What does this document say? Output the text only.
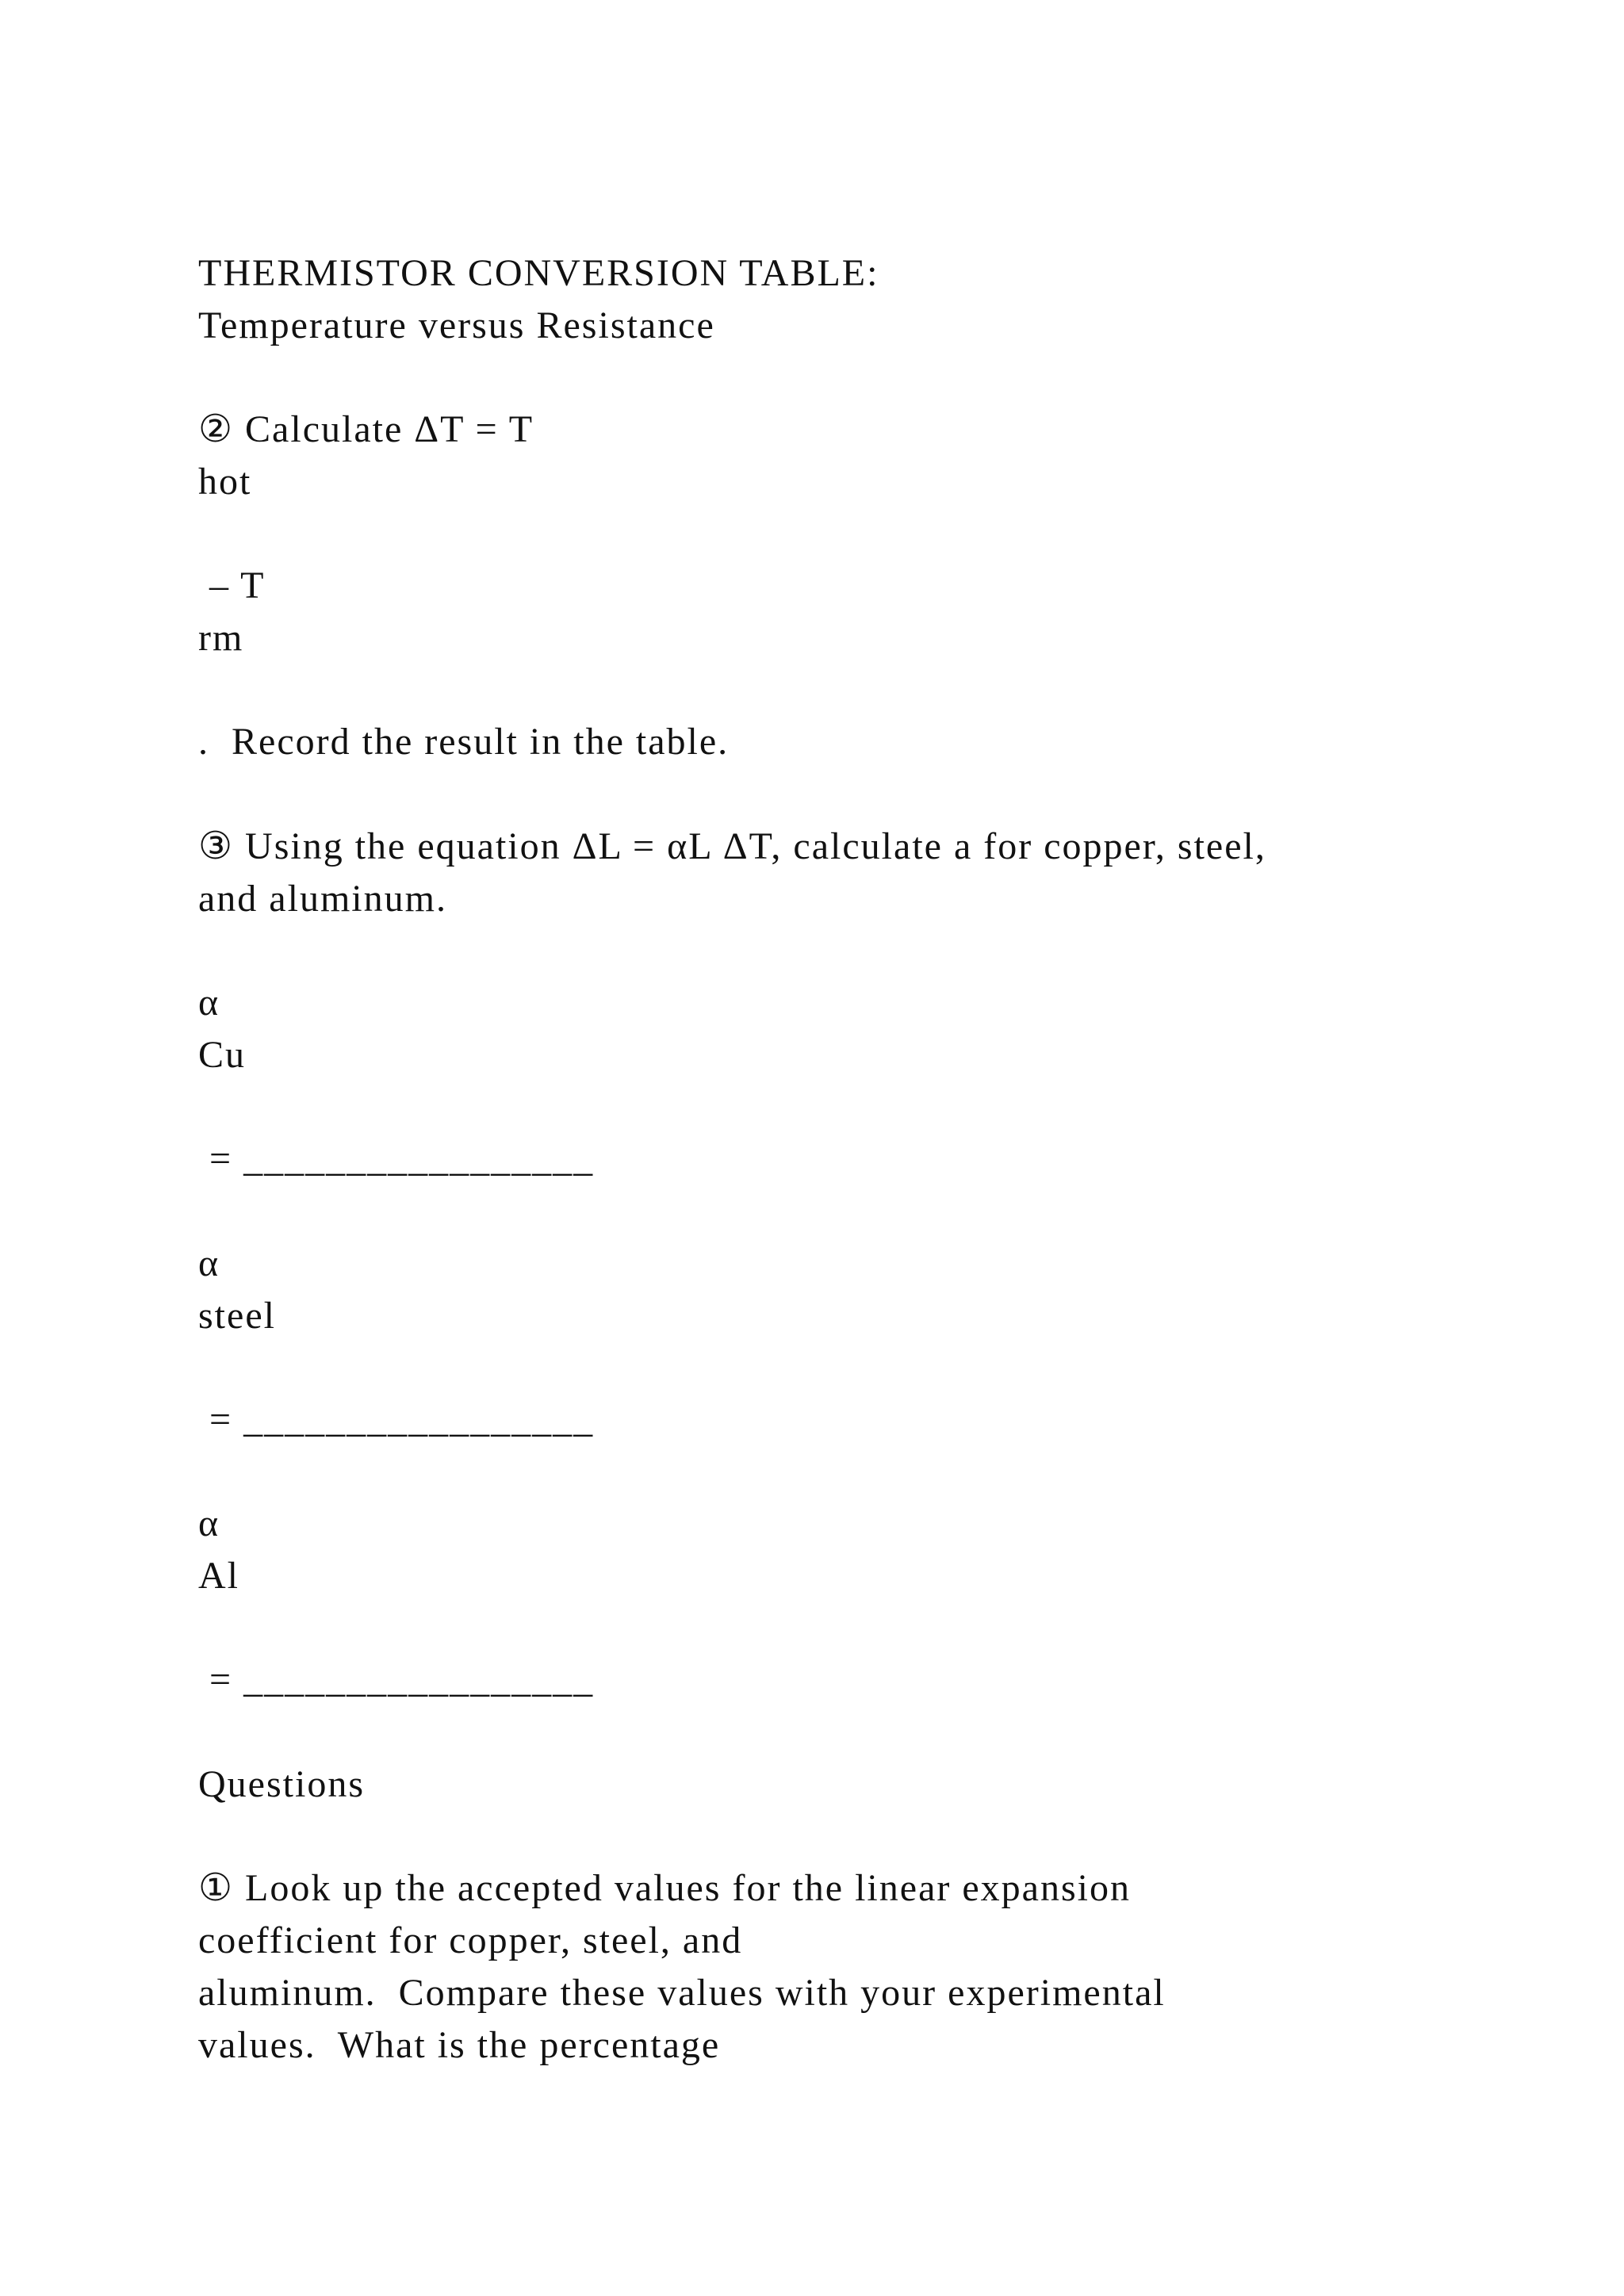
THERMISTOR CONVERSION TABLE:

Temperature versus Resistance

② Calculate ΔT = T

hot

– T

rm

.  Record the result in the table.

③ Using the equation ΔL = αL ΔT, calculate a for copper, steel,

and aluminum.

α

Cu

= _________________

α

steel

= _________________

α

Al

= _________________

Questions

① Look up the accepted values for the linear expansion

coefficient for copper, steel, and

aluminum.  Compare these values with your experimental

values.  What is the percentage
